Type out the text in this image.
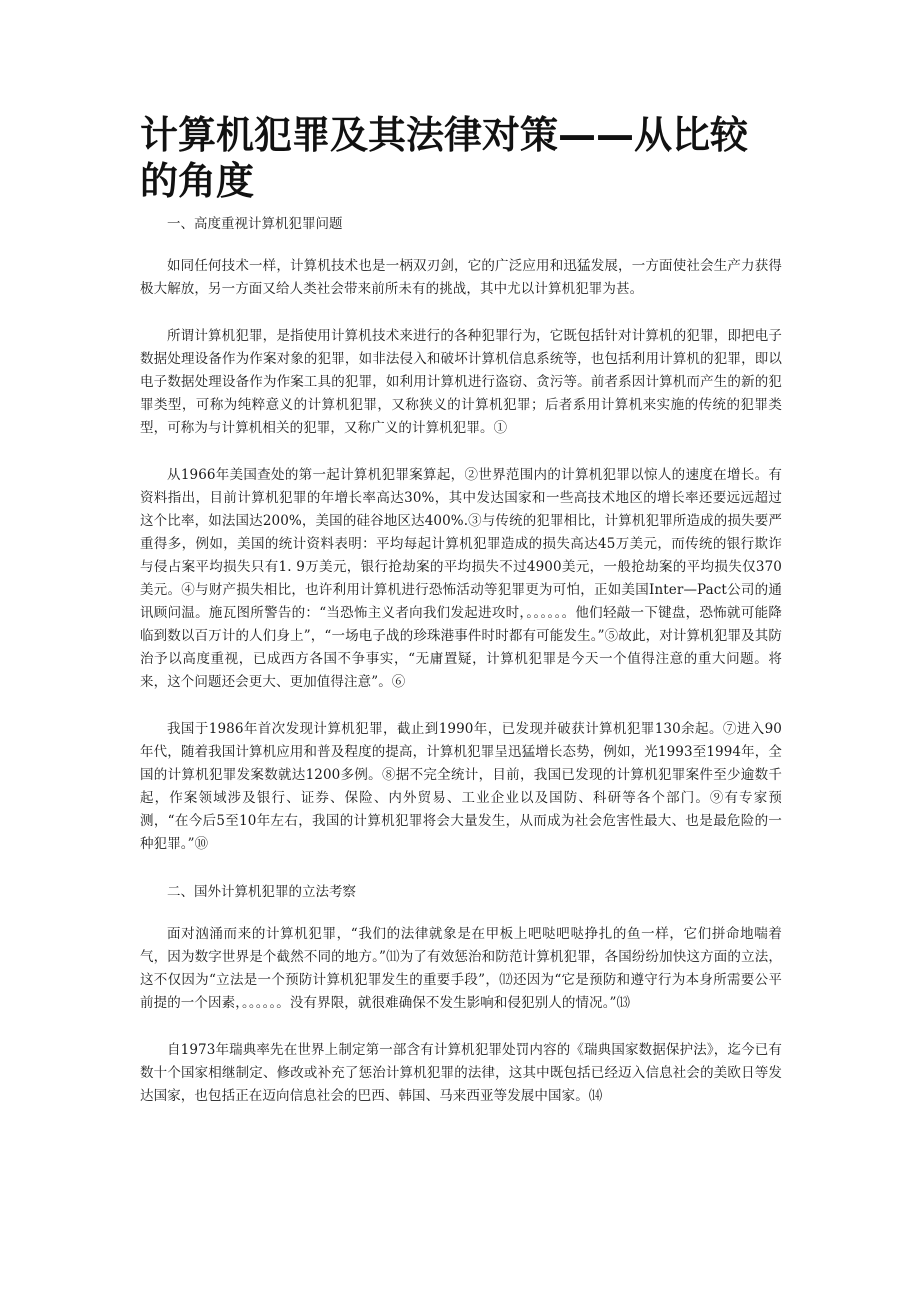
计算机犯罪及其法律对策——从比较的角度

一、高度重视计算机犯罪问题

如同任何技术一样，计算机技术也是一柄双刃剑，它的广泛应用和迅猛发展，一方面使社会生产力获得极大解放，另一方面又给人类社会带来前所未有的挑战，其中尤以计算机犯罪为甚。

所谓计算机犯罪，是指使用计算机技术来进行的各种犯罪行为，它既包括针对计算机的犯罪，即把电子数据处理设备作为作案对象的犯罪，如非法侵入和破坏计算机信息系统等，也包括利用计算机的犯罪，即以电子数据处理设备作为作案工具的犯罪，如利用计算机进行盗窃、贪污等。前者系因计算机而产生的新的犯罪类型，可称为纯粹意义的计算机犯罪，又称狭义的计算机犯罪；后者系用计算机来实施的传统的犯罪类型，可称为与计算机相关的犯罪，又称广义的计算机犯罪。①

从1966年美国查处的第一起计算机犯罪案算起，②世界范围内的计算机犯罪以惊人的速度在增长。有资料指出，目前计算机犯罪的年增长率高达30%，其中发达国家和一些高技术地区的增长率还要远远超过这个比率，如法国达200%，美国的硅谷地区达400%.③与传统的犯罪相比，计算机犯罪所造成的损失要严重得多，例如，美国的统计资料表明：平均每起计算机犯罪造成的损失高达45万美元，而传统的银行欺诈与侵占案平均损失只有1. 9万美元，银行抢劫案的平均损失不过4900美元，一般抢劫案的平均损失仅370美元。④与财产损失相比，也许利用计算机进行恐怖活动等犯罪更为可怕，正如美国Inter—Pact公司的通讯顾问温。施瓦图所警告的：“当恐怖主义者向我们发起进攻时，。。。。。。他们轻敲一下键盘，恐怖就可能降临到数以百万计的人们身上”，“一场电子战的珍珠港事件时时都有可能发生。”⑤故此，对计算机犯罪及其防治予以高度重视，已成西方各国不争事实，“无庸置疑，计算机犯罪是今天一个值得注意的重大问题。将来，这个问题还会更大、更加值得注意”。⑥

我国于1986年首次发现计算机犯罪，截止到1990年，已发现并破获计算机犯罪130余起。⑦进入90年代，随着我国计算机应用和普及程度的提高，计算机犯罪呈迅猛增长态势，例如，光1993至1994年，全国的计算机犯罪发案数就达1200多例。⑧据不完全统计，目前，我国已发现的计算机犯罪案件至少逾数千起，作案领域涉及银行、证券、保险、内外贸易、工业企业以及国防、科研等各个部门。⑨有专家预测，“在今后5至10年左右，我国的计算机犯罪将会大量发生，从而成为社会危害性最大、也是最危险的一种犯罪。”⑩

二、国外计算机犯罪的立法考察

面对汹涌而来的计算机犯罪，“我们的法律就象是在甲板上吧哒吧哒挣扎的鱼一样，它们拼命地喘着气，因为数字世界是个截然不同的地方。”⑾为了有效惩治和防范计算机犯罪，各国纷纷加快这方面的立法，这不仅因为“立法是一个预防计算机犯罪发生的重要手段”，⑿还因为“它是预防和遵守行为本身所需要公平前提的一个因素，。。。。。。没有界限，就很难确保不发生影响和侵犯别人的情况。”⒀

自1973年瑞典率先在世界上制定第一部含有计算机犯罪处罚内容的《瑞典国家数据保护法》，迄今已有数十个国家相继制定、修改或补充了惩治计算机犯罪的法律，这其中既包括已经迈入信息社会的美欧日等发达国家，也包括正在迈向信息社会的巴西、韩国、马来西亚等发展中国家。⒁
